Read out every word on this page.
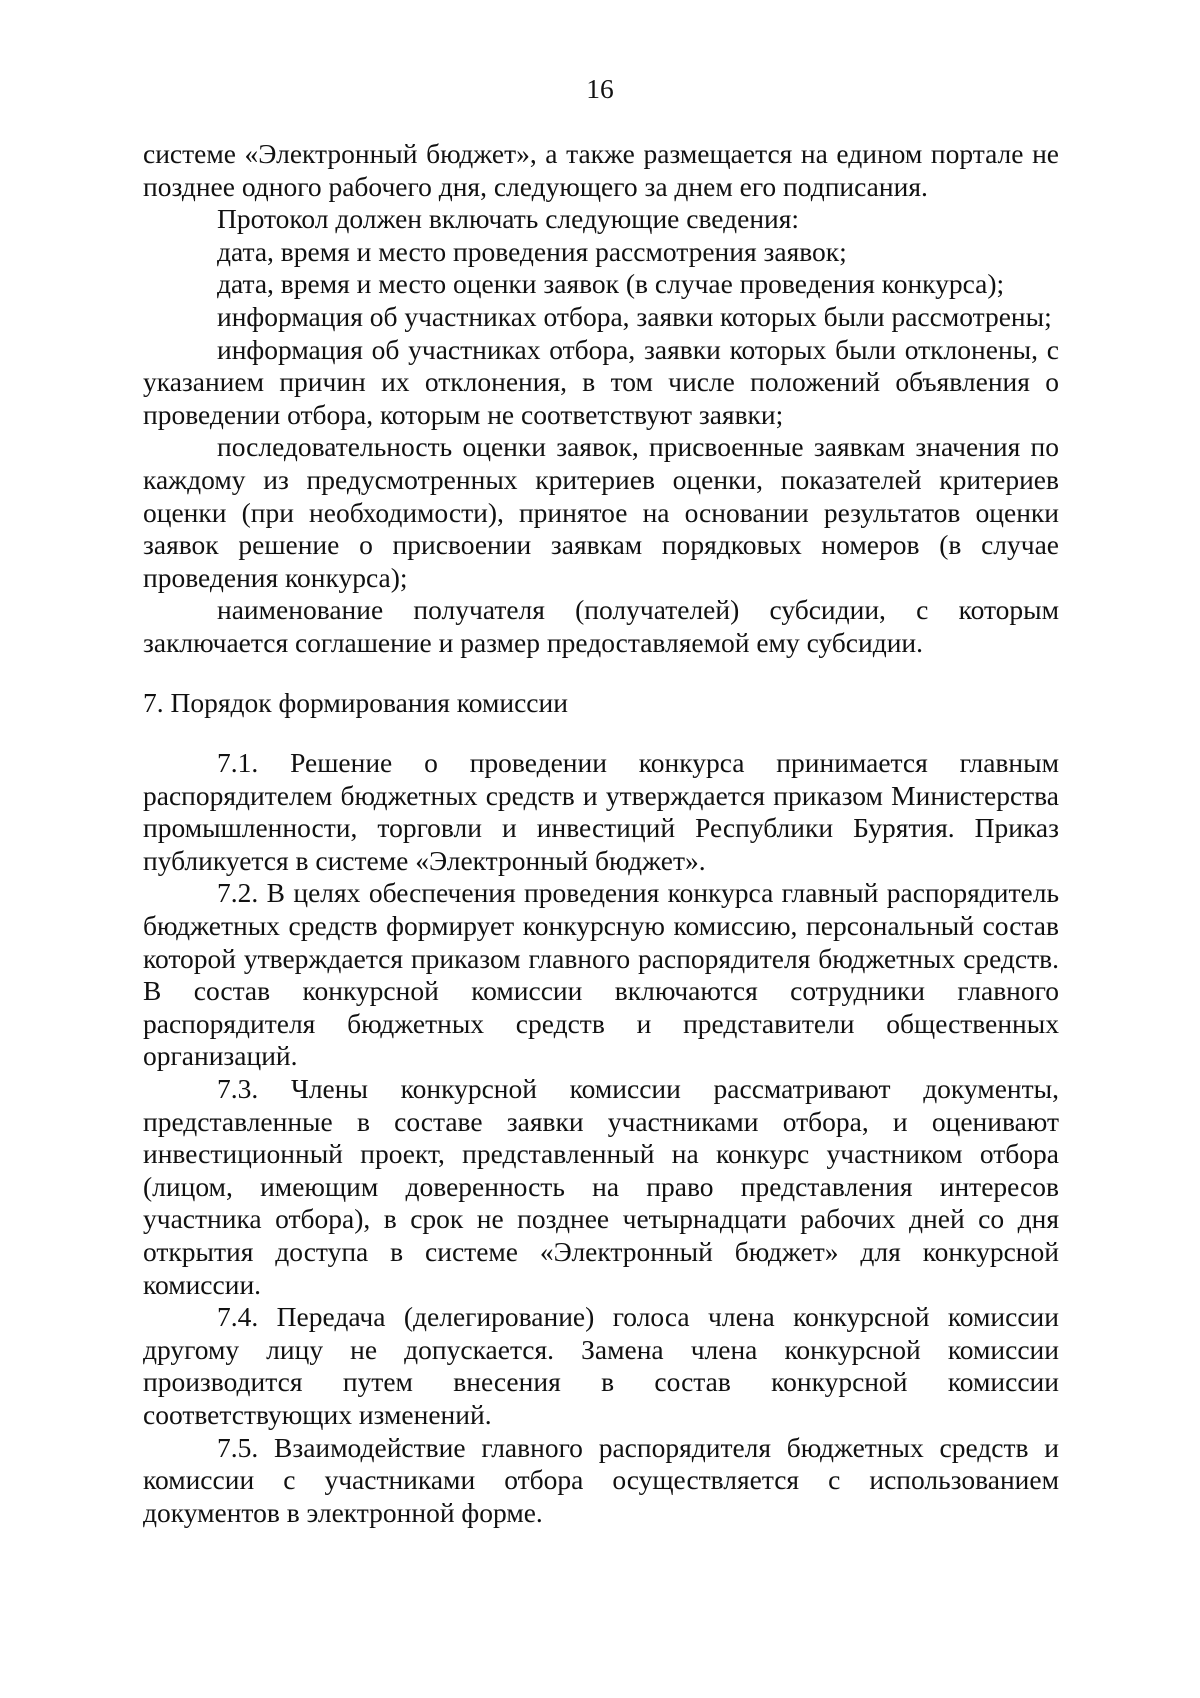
16

системе «Электронный бюджет», а также размещается на едином портале не позднее одного рабочего дня, следующего за днем его подписания.

Протокол должен включать следующие сведения:

дата, время и место проведения рассмотрения заявок;

дата, время и место оценки заявок (в случае проведения конкурса);

информация об участниках отбора, заявки которых были рассмотрены;

информация об участниках отбора, заявки которых были отклонены, с указанием причин их отклонения, в том числе положений объявления о проведении отбора, которым не соответствуют заявки;

последовательность оценки заявок, присвоенные заявкам значения по каждому из предусмотренных критериев оценки, показателей критериев оценки (при необходимости), принятое на основании результатов оценки заявок решение о присвоении заявкам порядковых номеров (в случае проведения конкурса);

наименование получателя (получателей) субсидии, с которым заключается соглашение и размер предоставляемой ему субсидии.

7. Порядок формирования комиссии

7.1. Решение о проведении конкурса принимается главным распорядителем бюджетных средств и утверждается приказом Министерства промышленности, торговли и инвестиций Республики Бурятия. Приказ публикуется в системе «Электронный бюджет».

7.2. В целях обеспечения проведения конкурса главный распорядитель бюджетных средств формирует конкурсную комиссию, персональный состав которой утверждается приказом главного распорядителя бюджетных средств. В состав конкурсной комиссии включаются сотрудники главного распорядителя бюджетных средств и представители общественных организаций.

7.3. Члены конкурсной комиссии рассматривают документы, представленные в составе заявки участниками отбора, и оценивают инвестиционный проект, представленный на конкурс участником отбора (лицом, имеющим доверенность на право представления интересов участника отбора), в срок не позднее четырнадцати рабочих дней со дня открытия доступа в системе «Электронный бюджет» для конкурсной комиссии.

7.4. Передача (делегирование) голоса члена конкурсной комиссии другому лицу не допускается. Замена члена конкурсной комиссии производится путем внесения в состав конкурсной комиссии соответствующих изменений.

7.5. Взаимодействие главного распорядителя бюджетных средств и комиссии с участниками отбора осуществляется с использованием документов в электронной форме.
